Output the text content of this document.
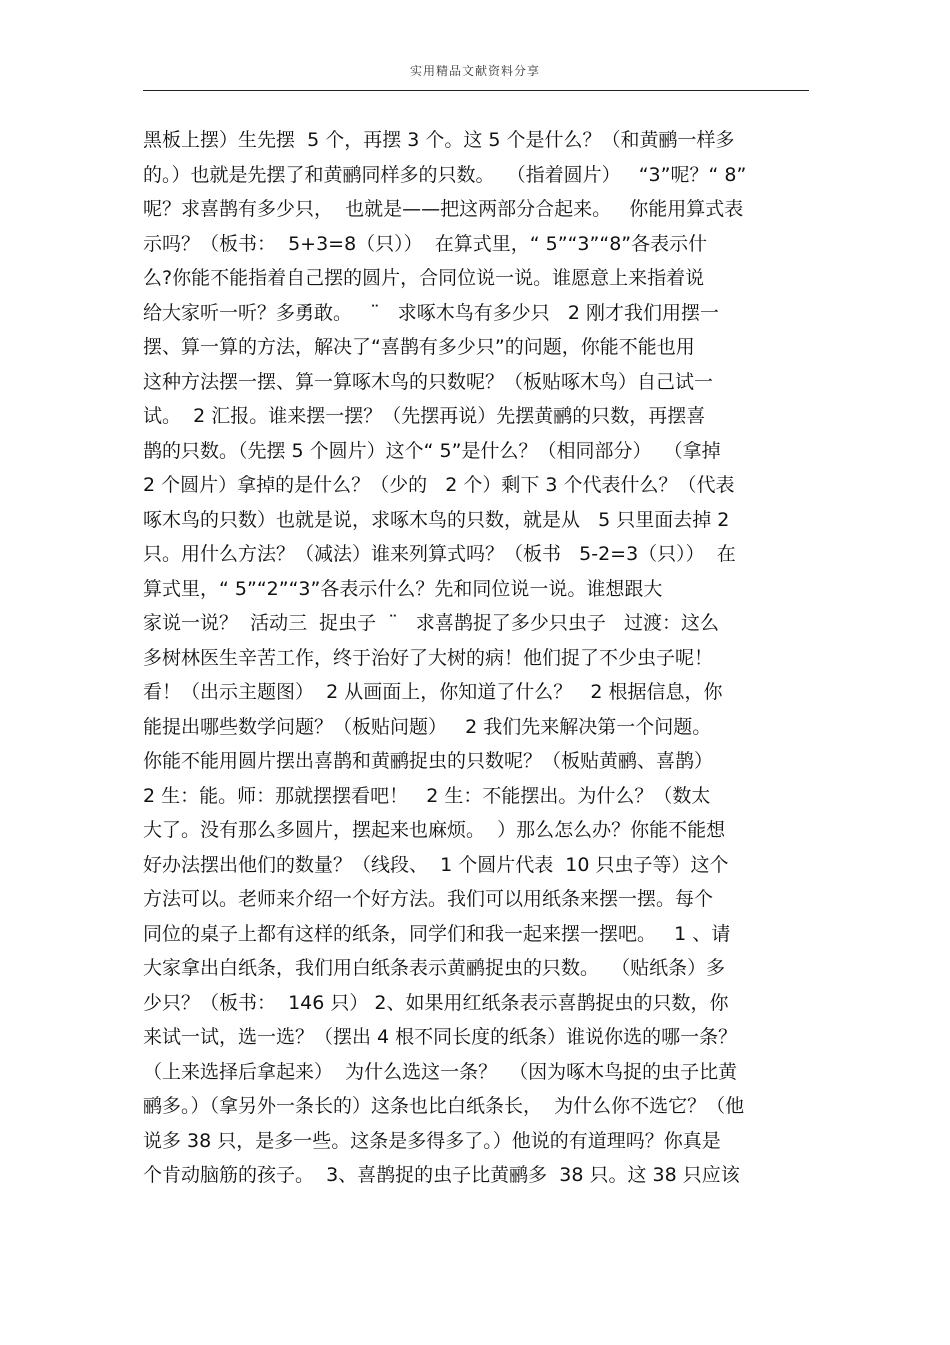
实用精品文献资料分享
黑板上摆）生先摆  5 个，再摆 3 个。这 5 个是什么？（和黄鹂一样多
的。）也就是先摆了和黄鹂同样多的只数。  （指着圆片）   “3”呢？“ 8”
呢？求喜鹊有多少只，  也就是——把这两部分合起来。   你能用算式表
示吗？（板书：  5+3=8（只））  在算式里，“ 5”“3”“8”各表示什
么?你能不能指着自己摆的圆片，合同位说一说。谁愿意上来指着说
给大家听一听？多勇敢。   ¨   求啄木鸟有多少只   2 刚才我们用摆一
摆、算一算的方法，解决了“喜鹊有多少只”的问题，你能不能也用
这种方法摆一摆、算一算啄木鸟的只数呢？（板贴啄木鸟）自己试一
试。  2 汇报。谁来摆一摆？（先摆再说）先摆黄鹂的只数，再摆喜
鹊的只数。（先摆 5 个圆片）这个“ 5”是什么？（相同部分）  （拿掉
2 个圆片）拿掉的是什么？（少的   2 个）剩下 3 个代表什么？（代表
啄木鸟的只数）也就是说，求啄木鸟的只数，就是从   5 只里面去掉 2
只。用什么方法？（减法）谁来列算式吗？（板书   5-2=3（只））  在
算式里，“ 5”“2”“3”各表示什么？先和同位说一说。谁想跟大
家说一说？  活动三  捉虫子  ¨   求喜鹊捉了多少只虫子   过渡：这么
多树林医生辛苦工作，终于治好了大树的病！他们捉了不少虫子呢！
看！（出示主题图）  2 从画面上，你知道了什么？   2 根据信息，你
能提出哪些数学问题？（板贴问题）   2 我们先来解决第一个问题。
你能不能用圆片摆出喜鹊和黄鹂捉虫的只数呢？（板贴黄鹂、喜鹊）
2 生：能。师：那就摆摆看吧！   2 生：不能摆出。为什么？（数太
大了。没有那么多圆片，摆起来也麻烦。  ）那么怎么办？你能不能想
好办法摆出他们的数量？（线段、  1 个圆片代表  10 只虫子等）这个
方法可以。老师来介绍一个好方法。我们可以用纸条来摆一摆。每个
同位的桌子上都有这样的纸条，同学们和我一起来摆一摆吧。   1 、请
大家拿出白纸条，我们用白纸条表示黄鹂捉虫的只数。  （贴纸条）多
少只？（板书：  146 只） 2、如果用红纸条表示喜鹊捉虫的只数，你
来试一试，选一选？（摆出 4 根不同长度的纸条）谁说你选的哪一条？
（上来选择后拿起来）  为什么选这一条？  （因为啄木鸟捉的虫子比黄
鹂多。）（拿另外一条长的）这条也比白纸条长，  为什么你不选它？（他
说多 38 只，是多一些。这条是多得多了。）他说的有道理吗？你真是
个肯动脑筋的孩子。  3、喜鹊捉的虫子比黄鹂多  38 只。这 38 只应该
